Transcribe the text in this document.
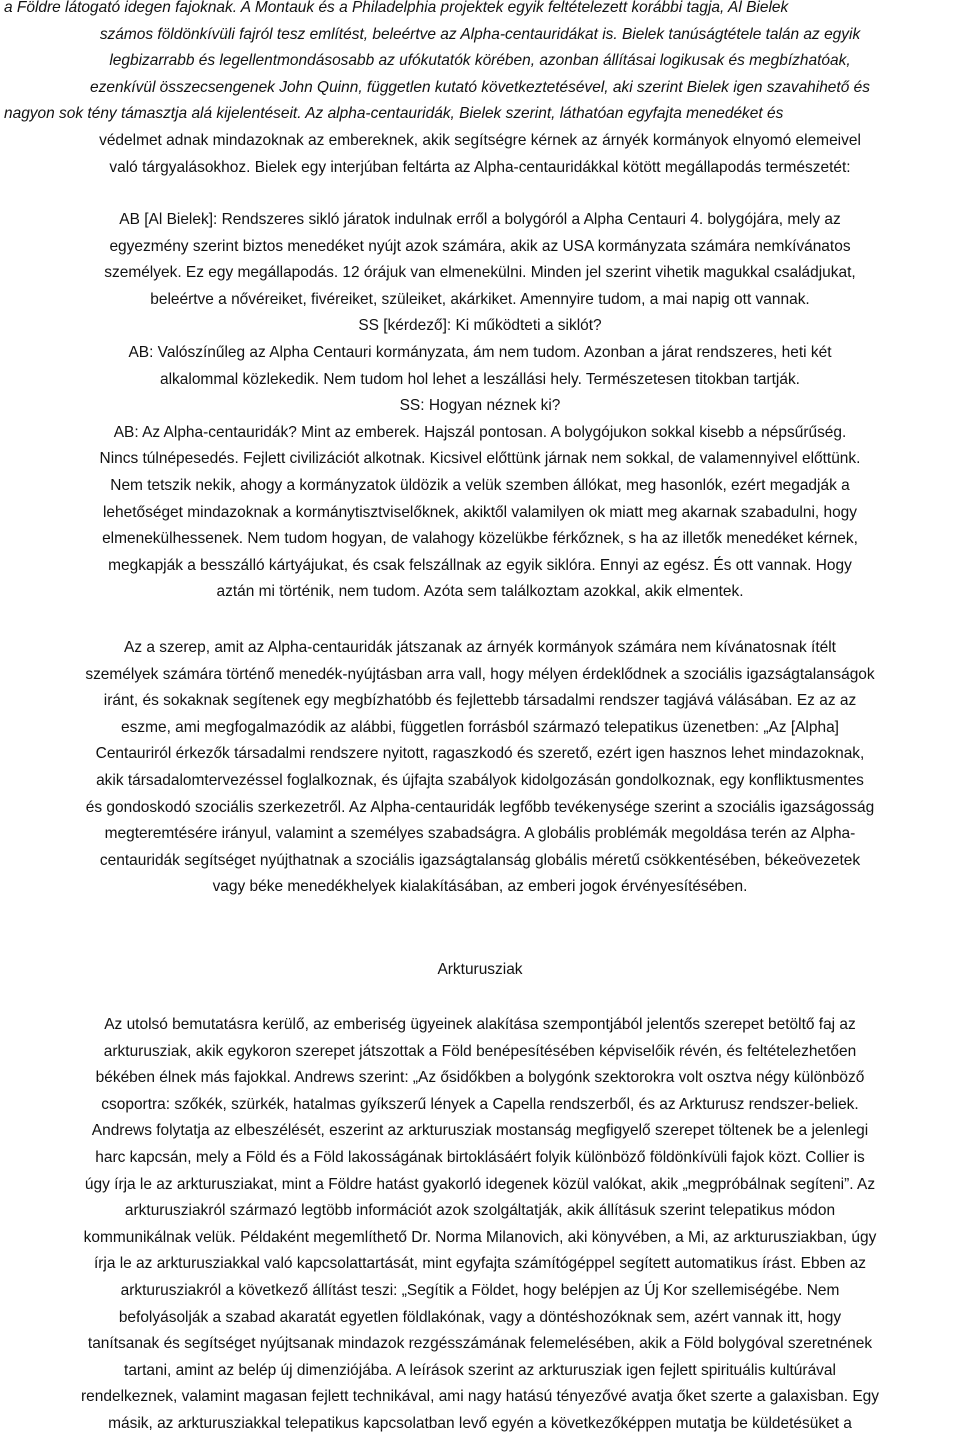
a Földre látogató idegen fajoknak. A Montauk és a Philadelphia projektek egyik feltételezett korábbi tagja, Al Bielek
számos földönkívüli fajról tesz említést, beleértve az Alpha-centauridákat is. Bielek tanúságtétele talán az egyik
legbizarrabb és legellentmondásosabb az ufókutatók körében, azonban állításai logikusak és megbízhatóak,
ezenkívül összecsengenek John Quinn, független kutató következtetésével, aki szerint Bielek igen szavahihető és
nagyon sok tény támasztja alá kijelentéseit. Az alpha-centauridák, Bielek szerint, láthatóan egyfajta menedéket és
védelmet adnak mindazoknak az embereknek, akik segítségre kérnek az árnyék kormányok elnyomó elemeivel
való tárgyalásokhoz. Bielek egy interjúban feltárta az Alpha-centauridákkal kötött megállapodás természetét:
AB [Al Bielek]: Rendszeres sikló járatok indulnak erről a bolygóról a Alpha Centauri 4. bolygójára, mely az
egyezmény szerint biztos menedéket nyújt azok számára, akik az USA kormányzata számára nemkívánatos
személyek. Ez egy megállapodás. 12 órájuk van elmenekülni. Minden jel szerint vihetik magukkal családjukat,
beleértve a nővéreiket, fivéreiket, szüleiket, akárkiket. Amennyire tudom, a mai napig ott vannak.
SS [kérdező]: Ki működteti a siklót?
AB: Valószínűleg az Alpha Centauri kormányzata, ám nem tudom. Azonban a járat rendszeres, heti két
alkalommal közlekedik. Nem tudom hol lehet a leszállási hely. Természetesen titokban tartják.
SS: Hogyan néznek ki?
AB: Az Alpha-centauridák? Mint az emberek. Hajszál pontosan. A bolygójukon sokkal kisebb a népsűrűség.
Nincs túlnépesedés. Fejlett civilizációt alkotnak. Kicsivel előttünk járnak nem sokkal, de valamennyivel előttünk.
Nem tetszik nekik, ahogy a kormányzatok üldözik a velük szemben állókat, meg hasonlók, ezért megadják a
lehetőséget mindazoknak a kormánytisztviselőknek, akiktől valamilyen ok miatt meg akarnak szabadulni, hogy
elmenekülhessenek. Nem tudom hogyan, de valahogy közelükbe férkőznek, s ha az illetők menedéket kérnek,
megkapják a besszálló kártyájukat, és csak felszállnak az egyik siklóra. Ennyi az egész. És ott vannak. Hogy
aztán mi történik, nem tudom. Azóta sem találkoztam azokkal, akik elmentek.
Az a szerep, amit az Alpha-centauridák játszanak az árnyék kormányok számára nem kívánatosnak ítélt
személyek számára történő menedék-nyújtásban arra vall, hogy mélyen érdeklődnek a szociális igazságtalanságok
iránt, és sokaknak segítenek egy megbízhatóbb és fejlettebb társadalmi rendszer tagjává válásában. Ez az az
eszme, ami megfogalmazódik az alábbi, független forrásból származó telepatikus üzenetben: „Az [Alpha]
Centauriról érkezők társadalmi rendszere nyitott, ragaszkodó és szerető, ezért igen hasznos lehet mindazoknak,
akik társadalomtervezéssel foglalkoznak, és újfajta szabályok kidolgozásán gondolkoznak, egy konfliktusmentes
és gondoskodó szociális szerkezetről. Az Alpha-centauridák legfőbb tevékenysége szerint a szociális igazságosság
megteremtésére irányul, valamint a személyes szabadságra. A globális problémák megoldása terén az Alpha-
centauridák segítséget nyújthatnak a szociális igazságtalanság globális méretű csökkentésében, békeövezetek
vagy béke menedékhelyek kialakításában, az emberi jogok érvényesítésében.
Arkturusziak
Az utolsó bemutatásra kerülő, az emberiség ügyeinek alakítása szempontjából jelentős szerepet betöltő faj az
arkturusziak, akik egykoron szerepet játszottak a Föld benépesítésében képviselőik révén, és feltételezhetően
békében élnek más fajokkal. Andrews szerint: „Az ősidőkben a bolygónk szektorokra volt osztva négy különböző
csoportra: szőkék, szürkék, hatalmas gyíkszerű lények a Capella rendszerből, és az Arkturusz rendszer-beliek.
Andrews folytatja az elbeszélését, eszerint az arkturusziak mostanság megfigyelő szerepet töltenek be a jelenlegi
harc kapcsán, mely a Föld és a Föld lakosságának birtoklásáért folyik különböző földönkívüli fajok közt. Collier is
úgy írja le az arkturusziakat, mint a Földre hatást gyakorló idegenek közül valókat, akik „megpróbálnak segíteni”. Az
arkturusziakról származó legtöbb információt azok szolgáltatják, akik állításuk szerint telepatikus módon
kommunikálnak velük. Példaként megemlíthető Dr. Norma Milanovich, aki könyvében, a Mi, az arkturusziakban, úgy
írja le az arkturusziakkal való kapcsolattartását, mint egyfajta számítógéppel segített automatikus írást. Ebben az
arkturusziakról a következő állítást teszi: „Segítik a Földet, hogy belépjen az Új Kor szellemiségébe. Nem
befolyásolják a szabad akaratát egyetlen földlakónak, vagy a döntéshozóknak sem, azért vannak itt, hogy
tanítsanak és segítséget nyújtsanak mindazok rezgésszámának felemelésében, akik a Föld bolygóval szeretnének
tartani, amint az belép új dimenziójába. A leírások szerint az arkturusziak igen fejlett spirituális kultúrával
rendelkeznek, valamint magasan fejlett technikával, ami nagy hatású tényezővé avatja őket szerte a galaxisban. Egy
másik, az arkturusziakkal telepatikus kapcsolatban levő egyén a következőképpen mutatja be küldetésüket a
